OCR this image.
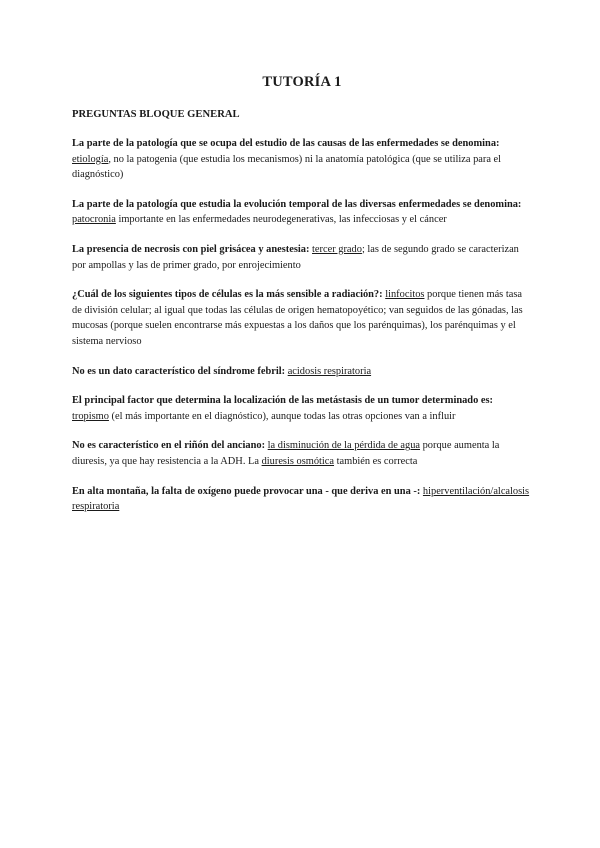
TUTORÍA 1
PREGUNTAS BLOQUE GENERAL
La parte de la patología que se ocupa del estudio de las causas de las enfermedades se denomina: etiología, no la patogenia (que estudia los mecanismos) ni la anatomía patológica (que se utiliza para el diagnóstico)
La parte de la patología que estudia la evolución temporal de las diversas enfermedades se denomina: patocronia importante en las enfermedades neurodegenerativas, las infecciosas y el cáncer
La presencia de necrosis con piel grisácea y anestesia: tercer grado; las de segundo grado se caracterizan por ampollas y las de primer grado, por enrojecimiento
¿Cuál de los siguientes tipos de células es la más sensible a radiación?: linfocitos porque tienen más tasa de división celular; al igual que todas las células de origen hematopoyético; van seguidos de las gónadas, las mucosas (porque suelen encontrarse más expuestas a los daños que los parénquimas), los parénquimas y el sistema nervioso
No es un dato característico del síndrome febril: acidosis respiratoria
El principal factor que determina la localización de las metástasis de un tumor determinado es: tropismo (el más importante en el diagnóstico), aunque todas las otras opciones van a influir
No es característico en el riñón del anciano: la disminución de la pérdida de agua porque aumenta la diuresis, ya que hay resistencia a la ADH. La diuresis osmótica también es correcta
En alta montaña, la falta de oxígeno puede provocar una - que deriva en una -: hiperventilación/alcalosis respiratoria
